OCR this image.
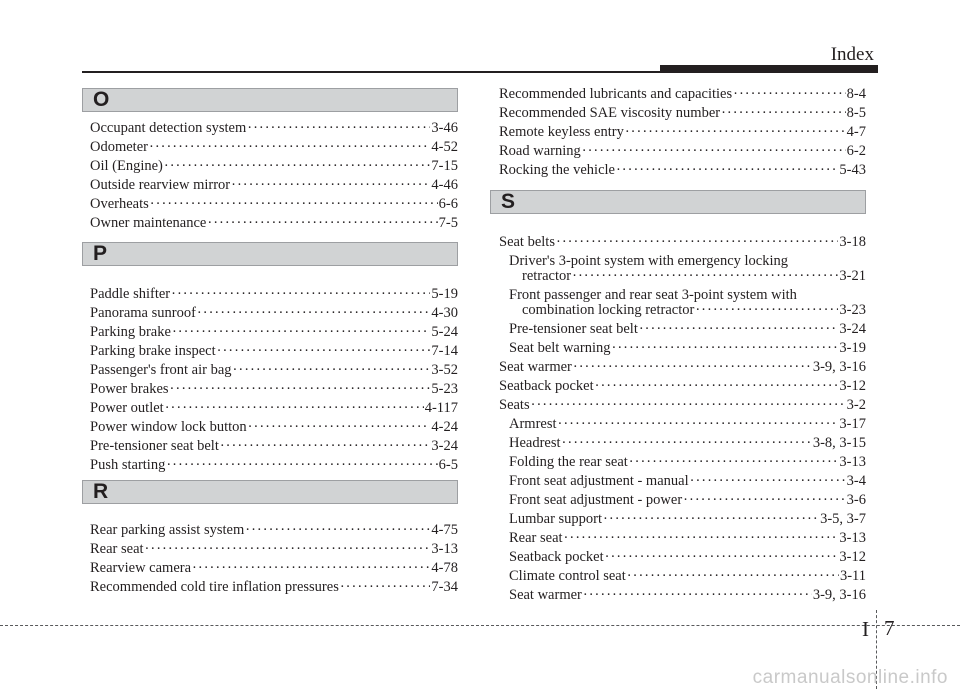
Index
O
Occupant detection system ·····	3-46
Odometer ·····	4-52
Oil (Engine) ·····	7-15
Outside rearview mirror ·····	4-46
Overheats ·····	6-6
Owner maintenance ·····	7-5
P
Paddle shifter ·····	5-19
Panorama sunroof ·····	4-30
Parking brake ·····	5-24
Parking brake inspect ·····	7-14
Passenger's front air bag ·····	3-52
Power brakes ·····	5-23
Power outlet ·····	4-117
Power window lock button ·····	4-24
Pre-tensioner seat belt ·····	3-24
Push starting ·····	6-5
R
Rear parking assist system ·····	4-75
Rear seat ·····	3-13
Rearview camera ·····	4-78
Recommended cold tire inflation pressures ·····	7-34
Recommended lubricants and capacities ·····	8-4
Recommended SAE viscosity number ·····	8-5
Remote keyless entry ·····	4-7
Road warning ·····	6-2
Rocking the vehicle ·····	5-43
S
Seat belts ·····	3-18
Driver's 3-point system with emergency locking
retractor ·····	3-21
Front passenger and rear seat 3-point system with
combination locking retractor ·····	3-23
Pre-tensioner seat belt ·····	3-24
Seat belt warning ·····	3-19
Seat warmer ·····	3-9, 3-16
Seatback pocket ·····	3-12
Seats ·····	3-2
Armrest ·····	3-17
Headrest ·····	3-8, 3-15
Folding the rear seat ·····	3-13
Front seat adjustment - manual ·····	3-4
Front seat adjustment - power ·····	3-6
Lumbar support ·····	3-5, 3-7
Rear seat ·····	3-13
Seatback pocket ·····	3-12
Climate control seat ·····	3-11
Seat warmer ·····	3-9, 3-16
I 7
carmanualsonline.info
